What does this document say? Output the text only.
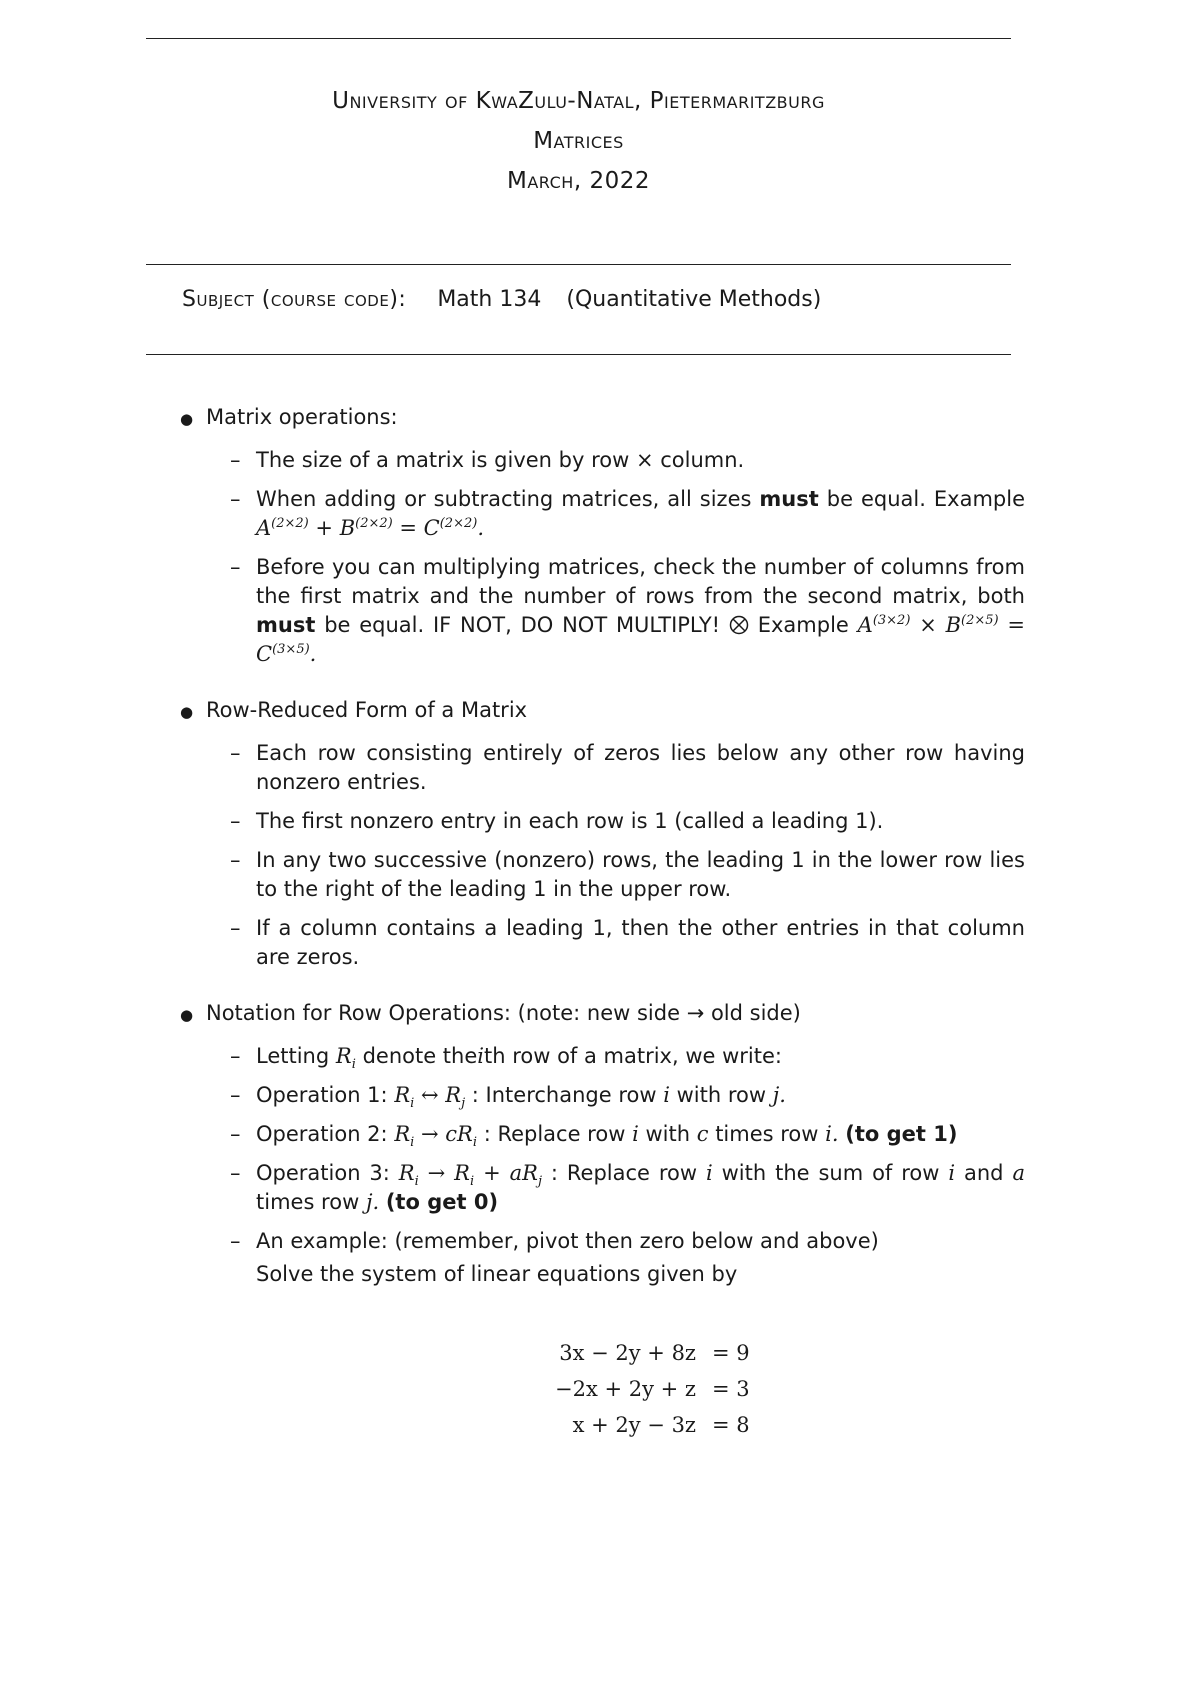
University of KwaZulu-Natal, Pietermaritzburg
Matrices
March, 2022
Subject (course code): Math 134 (Quantitative Methods)
● Matrix operations:
– The size of a matrix is given by row × column.
– When adding or subtracting matrices, all sizes must be equal. Example $A^{(2\times 2)} + B^{(2\times 2)} = C^{(2\times 2)}$.
– Before you can multiplying matrices, check the number of columns from the first matrix and the number of rows from the second matrix, both must be equal. IF NOT, DO NOT MULTIPLY! Example $A^{(3\times 2)} \times B^{(2\times 5)} = C^{(3\times 5)}$.
● Row-Reduced Form of a Matrix
– Each row consisting entirely of zeros lies below any other row having nonzero entries.
– The first nonzero entry in each row is 1 (called a leading 1).
– In any two successive (nonzero) rows, the leading 1 in the lower row lies to the right of the leading 1 in the upper row.
– If a column contains a leading 1, then the other entries in that column are zeros.
● Notation for Row Operations: (note: new side → old side)
– Letting $R_i$ denote theith row of a matrix, we write:
– Operation 1: $R_i$ ↔ $R_j$ : Interchange row i with row j.
– Operation 2: $R_i \to cR_i$ : Replace row i with c times row i. (to get 1)
– Operation 3: $R_i \to R_i + aR_j$ : Replace row i with the sum of row i and a times row j. (to get 0)
– An example: (remember, pivot then zero below and above)
Solve the system of linear equations given by
3x − 2y + 8z = 9
−2x + 2y + z = 3
x + 2y − 3z = 8
